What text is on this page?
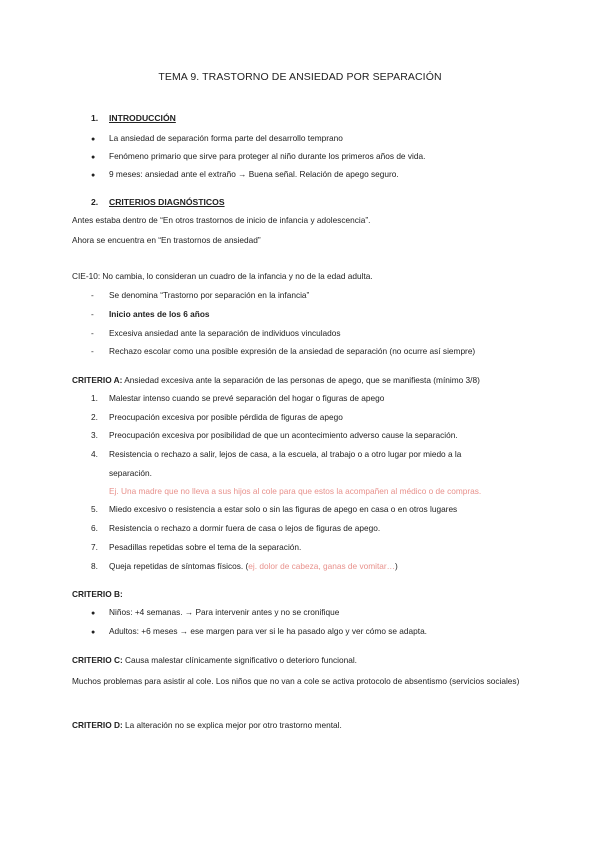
TEMA 9. TRASTORNO DE ANSIEDAD POR SEPARACIÓN
1. INTRODUCCIÓN
● La ansiedad de separación forma parte del desarrollo temprano
● Fenómeno primario que sirve para proteger al niño durante los primeros años de vida.
● 9 meses: ansiedad ante el extraño → Buena señal. Relación de apego seguro.
2. CRITERIOS DIAGNÓSTICOS
Antes estaba dentro de “En otros trastornos de inicio de infancia y adolescencia”.
Ahora se encuentra en “En trastornos de ansiedad”
CIE-10: No cambia, lo consideran un cuadro de la infancia y no de la edad adulta.
- Se denomina “Trastorno por separación en la infancia”
- Inicio antes de los 6 años
- Excesiva ansiedad ante la separación de individuos vinculados
- Rechazo escolar como una posible expresión de la ansiedad de separación (no ocurre así siempre)
CRITERIO A: Ansiedad excesiva ante la separación de las personas de apego, que se manifiesta (mínimo 3/8)
1. Malestar intenso cuando se prevé separación del hogar o figuras de apego
2. Preocupación excesiva por posible pérdida de figuras de apego
3. Preocupación excesiva por posibilidad de que un acontecimiento adverso cause la separación.
4. Resistencia o rechazo a salir, lejos de casa, a la escuela, al trabajo o a otro lugar por miedo a la
separación.
Ej. Una madre que no lleva a sus hijos al cole para que estos la acompañen al médico o de compras.
5. Miedo excesivo o resistencia a estar solo o sin las figuras de apego en casa o en otros lugares
6. Resistencia o rechazo a dormir fuera de casa o lejos de figuras de apego.
7. Pesadillas repetidas sobre el tema de la separación.
8. Queja repetidas de síntomas físicos. (ej. dolor de cabeza, ganas de vomitar…)
CRITERIO B:
● Niños: +4 semanas. → Para intervenir antes y no se cronifique
● Adultos: +6 meses → ese margen para ver si le ha pasado algo y ver cómo se adapta.
CRITERIO C: Causa malestar clínicamente significativo o deterioro funcional.
Muchos problemas para asistir al cole. Los niños que no van a cole se activa protocolo de absentismo (servicios sociales)
CRITERIO D: La alteración no se explica mejor por otro trastorno mental.
